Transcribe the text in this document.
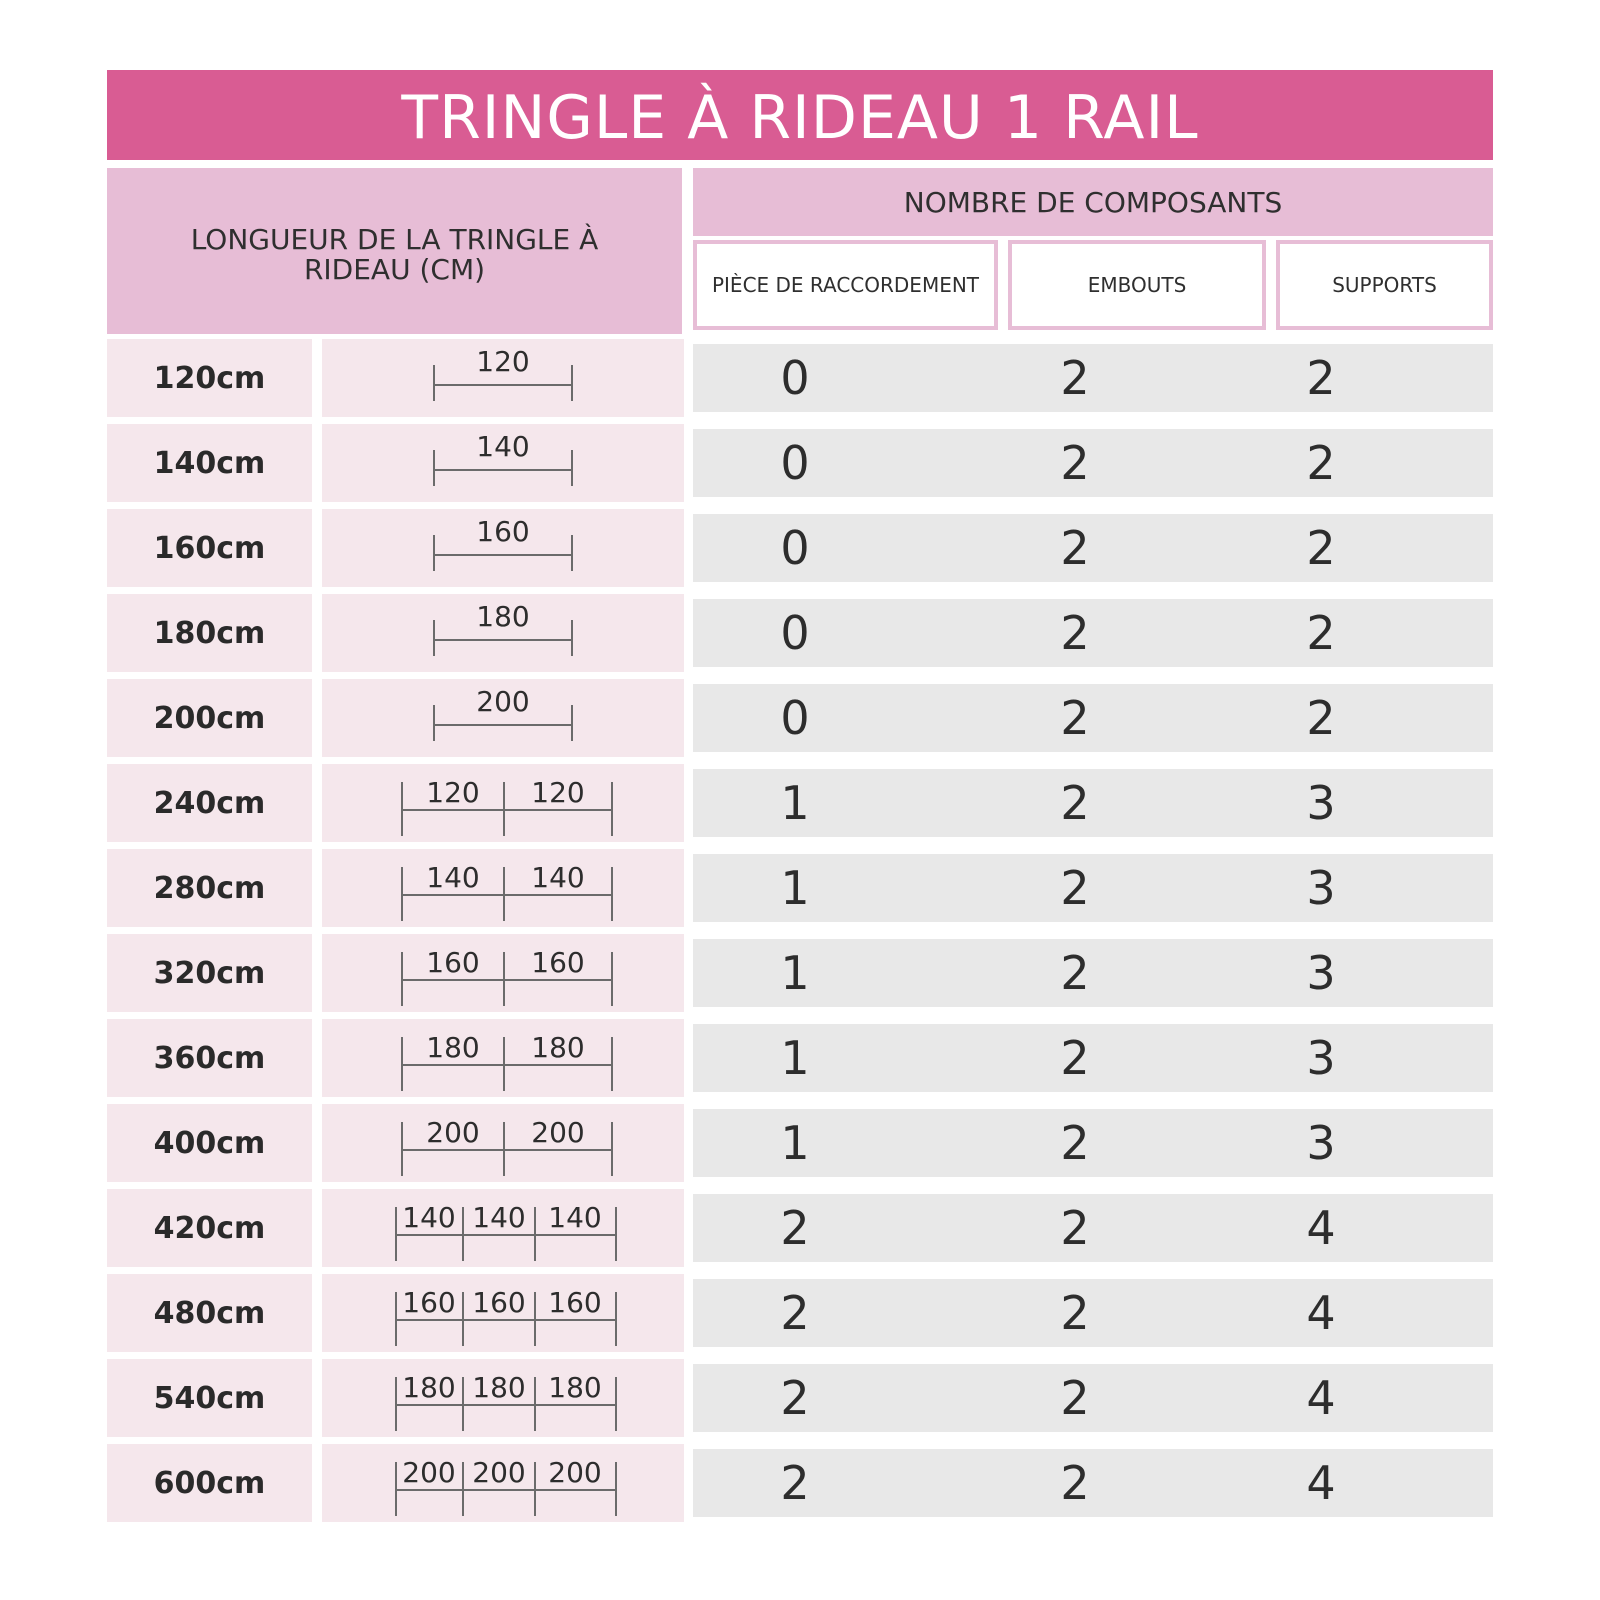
TRINGLE À RIDEAU 1 RAIL
LONGUEUR DE LA TRINGLE À RIDEAU (CM)
NOMBRE DE COMPOSANTS
PIÈCE DE RACCORDEMENT	EMBOUTS	SUPPORTS
120cm	120	0	2	2
140cm	140	0	2	2
160cm	160	0	2	2
180cm	180	0	2	2
200cm	200	0	2	2
240cm	120 120	1	2	3
280cm	140 140	1	2	3
320cm	160 160	1	2	3
360cm	180 180	1	2	3
400cm	200 200	1	2	3
420cm	140 140 140	2	2	4
480cm	160 160 160	2	2	4
540cm	180 180 180	2	2	4
600cm	200 200 200	2	2	4
